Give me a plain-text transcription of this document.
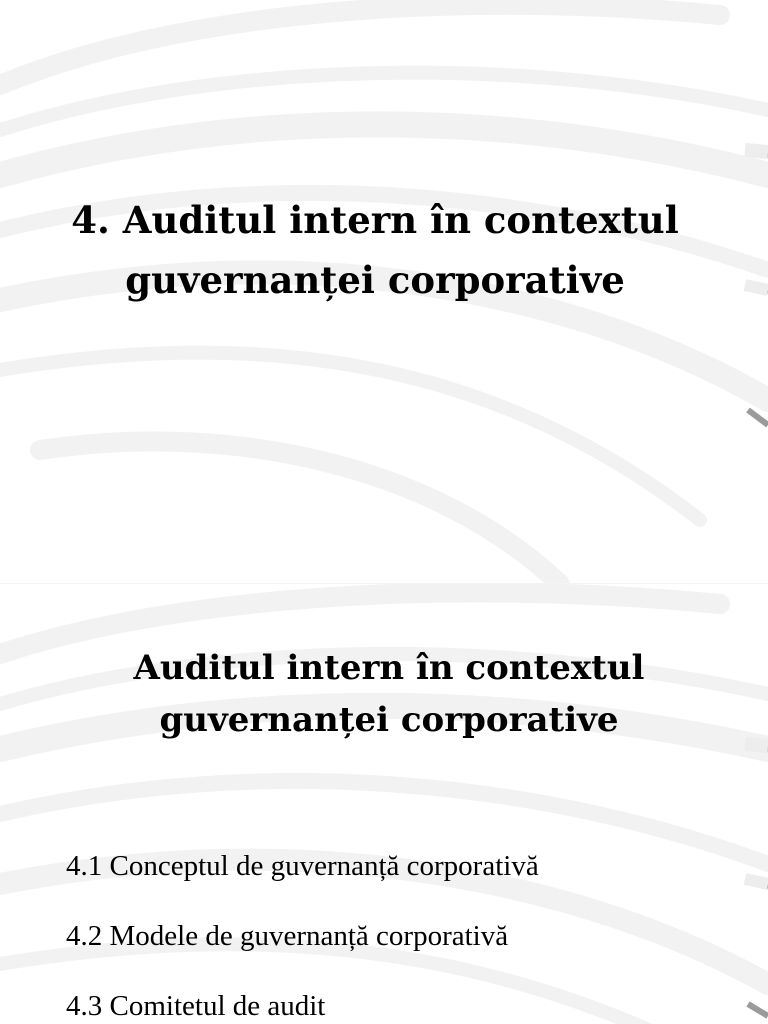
4. Auditul intern în contextul
guvernanței corporative
Auditul intern în contextul
guvernanței corporative

4.1 Conceptul de guvernanță corporativă

4.2 Modele de guvernanță corporativă

4.3 Comitetul de audit
